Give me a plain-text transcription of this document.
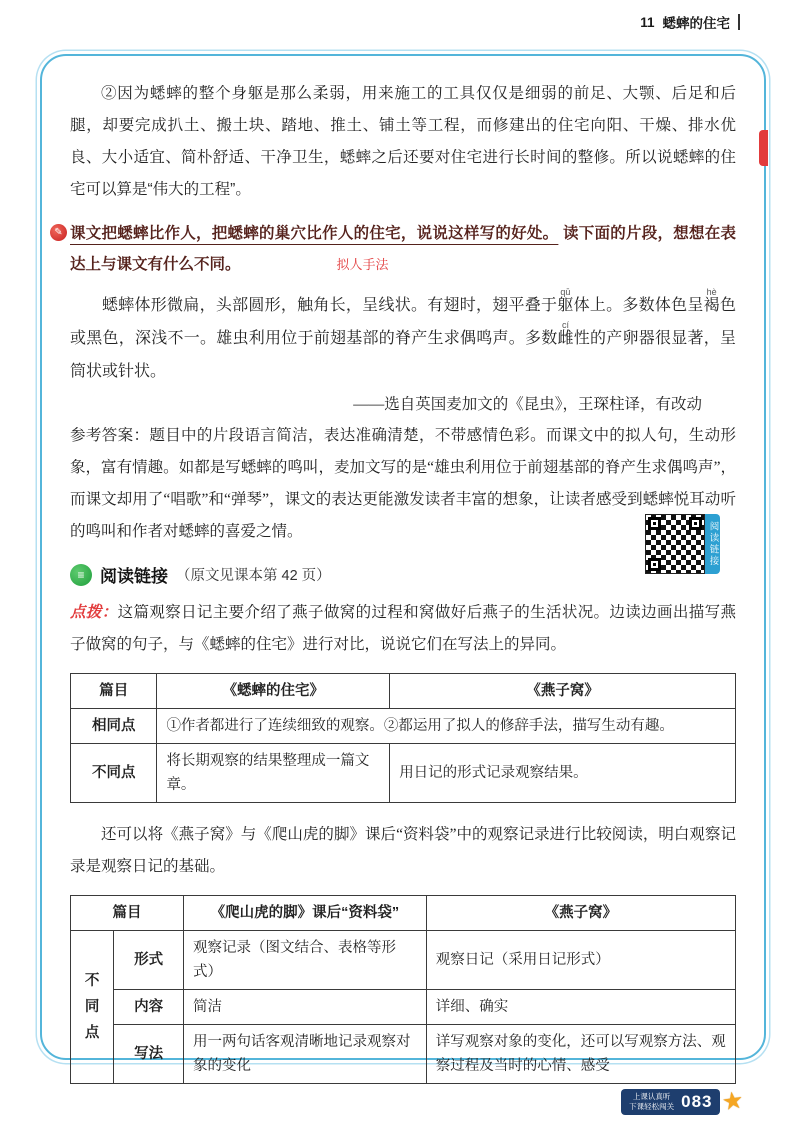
11 蟋蟀的住宅

②因为蟋蟀的整个身躯是那么柔弱，用来施工的工具仅仅是细弱的前足、大颚、后足和后腿，却要完成扒土、搬土块、踏地、推土、铺土等工程，而修建出的住宅向阳、干燥、排水优良、大小适宜、简朴舒适、干净卫生，蟋蟀之后还要对住宅进行长时间的整修。所以说蟋蟀的住宅可以算是“伟大的工程”。

✎ 课文把蟋蟀比作人，把蟋蟀的巢穴比作人的住宅，说说这样写的好处。 读下面的片段，想想在表达上与课文有什么不同。	拟人手法

蟋蟀体形微扁，头部圆形，触角长，呈线状。有翅时，翅平叠于躯qū体上。多数体色呈褐hè色或黑色，深浅不一。雄虫利用位于前翅基部的脊产生求偶鸣声。多数雌cí性的产卵器很显著，呈筒状或针状。

——选自英国麦加文的《昆虫》，王琛柱译，有改动

参考答案：题目中的片段语言简洁，表达准确清楚，不带感情色彩。而课文中的拟人句，生动形象，富有情趣。如都是写蟋蟀的鸣叫，麦加文写的是“雄虫利用位于前翅基部的脊产生求偶鸣声”，而课文却用了“唱歌”和“弹琴”，课文的表达更能激发读者丰富的想象，让读者感受到蟋蟀悦耳动听的鸣叫和作者对蟋蟀的喜爱之情。

≡ 阅读链接 （原文见课本第 42 页）

点拨：这篇观察日记主要介绍了燕子做窝的过程和窝做好后燕子的生活状况。边读边画出描写燕子做窝的句子，与《蟋蟀的住宅》进行对比，说说它们在写法上的异同。

篇目	《蟋蟀的住宅》	《燕子窝》
相同点	①作者都进行了连续细致的观察。②都运用了拟人的修辞手法，描写生动有趣。	
不同点	将长期观察的结果整理成一篇文章。	用日记的形式记录观察结果。

还可以将《燕子窝》与《爬山虎的脚》课后“资料袋”中的观察记录进行比较阅读，明白观察记录是观察日记的基础。

篇目		《爬山虎的脚》课后“资料袋”	《燕子窝》

不同点	形式	观察记录（图文结合、表格等形式）	观察日记（采用日记形式）
	内容	简洁	详细、确实
	写法	用一两句话客观清晰地记录观察对象的变化	详写观察对象的变化，还可以写观察方法、观察过程及当时的心情、感受
阅读链接
上课认真听
下课轻松闯关 083 ★
